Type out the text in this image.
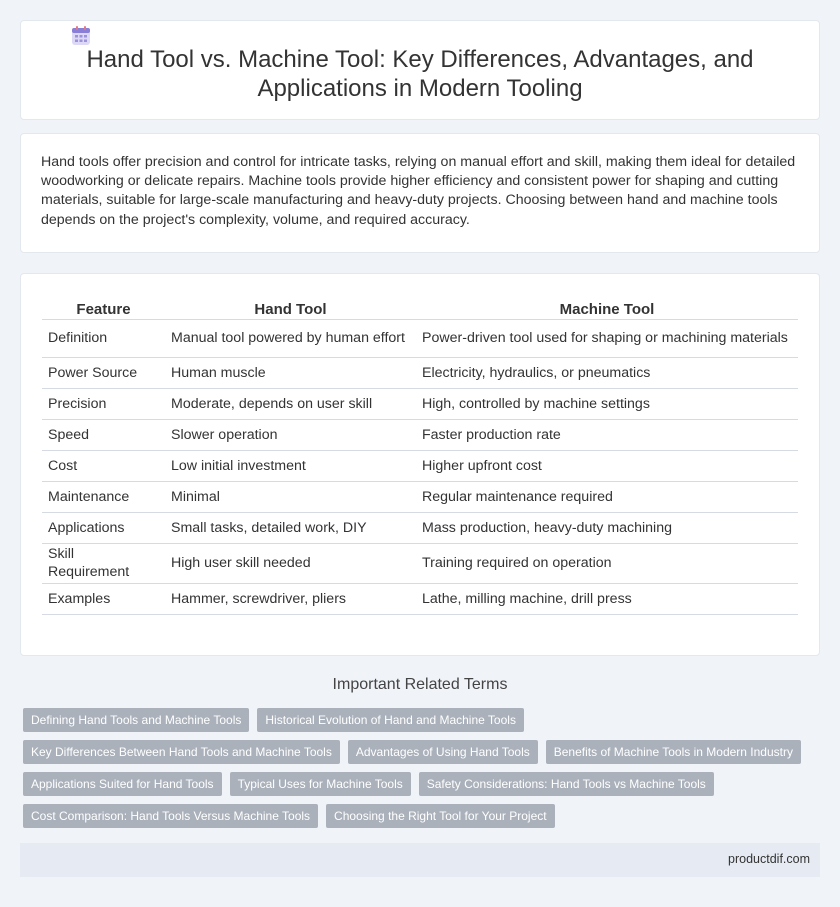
Hand Tool vs. Machine Tool: Key Differences, Advantages, and Applications in Modern Tooling

Hand tools offer precision and control for intricate tasks, relying on manual effort and skill, making them ideal for detailed woodworking or delicate repairs. Machine tools provide higher efficiency and consistent power for shaping and cutting materials, suitable for large-scale manufacturing and heavy-duty projects. Choosing between hand and machine tools depends on the project's complexity, volume, and required accuracy.

Feature	Hand Tool	Machine Tool
Definition	Manual tool powered by human effort	Power-driven tool used for shaping or machining materials
Power Source	Human muscle	Electricity, hydraulics, or pneumatics
Precision	Moderate, depends on user skill	High, controlled by machine settings
Speed	Slower operation	Faster production rate
Cost	Low initial investment	Higher upfront cost
Maintenance	Minimal	Regular maintenance required
Applications	Small tasks, detailed work, DIY	Mass production, heavy-duty machining
Skill Requirement	High user skill needed	Training required on operation
Examples	Hammer, screwdriver, pliers	Lathe, milling machine, drill press
Important Related Terms
Defining Hand Tools and Machine Tools	Historical Evolution of Hand and Machine Tools
Key Differences Between Hand Tools and Machine Tools	Advantages of Using Hand Tools	Benefits of Machine Tools in Modern Industry
Applications Suited for Hand Tools	Typical Uses for Machine Tools	Safety Considerations: Hand Tools vs Machine Tools
Cost Comparison: Hand Tools Versus Machine Tools	Choosing the Right Tool for Your Project
productdif.com
